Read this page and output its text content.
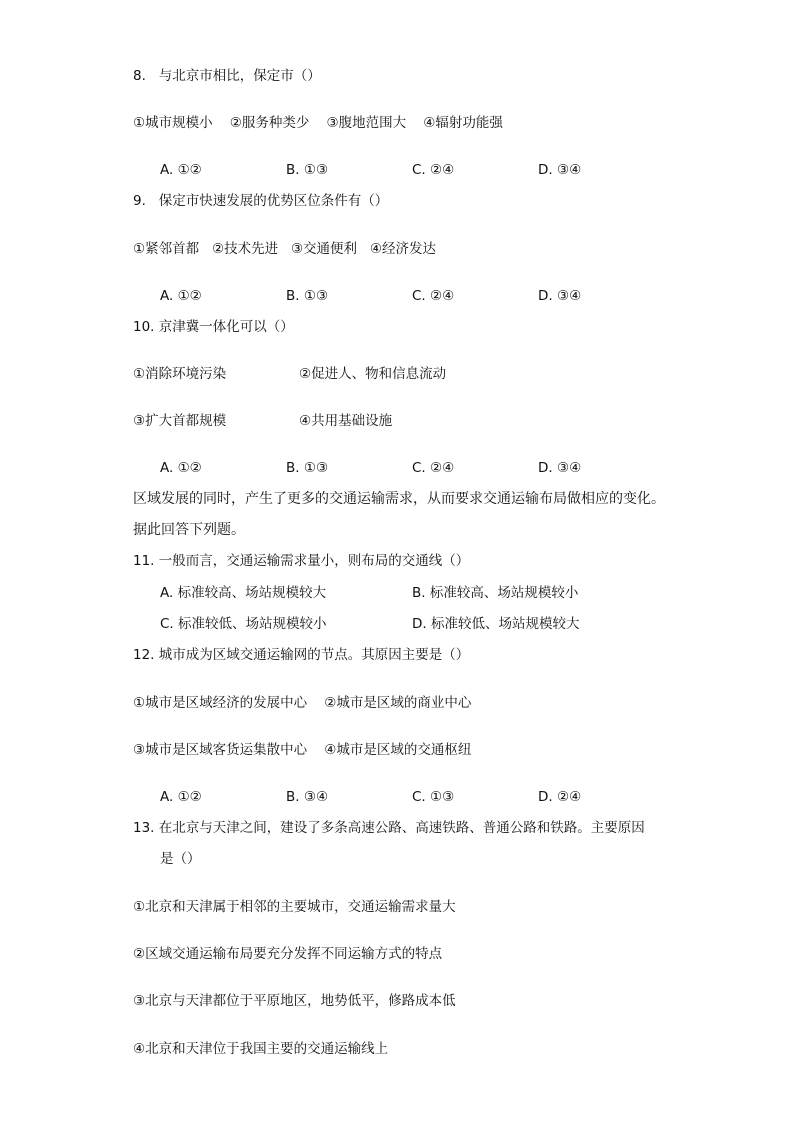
8.   与北京市相比，保定市（）
①城市规模小    ②服务种类少    ③腹地范围大    ④辐射功能强
A. ①②	B. ①③	C. ②④	D. ③④
9.   保定市快速发展的优势区位条件有（）
①紧邻首都   ②技术先进   ③交通便利   ④经济发达
A. ①②	B. ①③	C. ②④	D. ③④
10. 京津冀一体化可以（）
①消除环境污染	②促进人、物和信息流动
③扩大首都规模	④共用基础设施
A. ①②	B. ①③	C. ②④	D. ③④
区域发展的同时，产生了更多的交通运输需求，从而要求交通运输布局做相应的变化。
据此回答下列题。
11. 一般而言，交通运输需求量小，则布局的交通线（）
A. 标准较高、场站规模较大	B. 标准较高、场站规模较小
C. 标准较低、场站规模较小	D. 标准较低、场站规模较大
12. 城市成为区域交通运输网的节点。其原因主要是（）
①城市是区域经济的发展中心    ②城市是区域的商业中心
③城市是区域客货运集散中心    ④城市是区域的交通枢纽
A. ①②	B. ③④	C. ①③	D. ②④
13. 在北京与天津之间，建设了多条高速公路、高速铁路、普通公路和铁路。主要原因
是（）
①北京和天津属于相邻的主要城市，交通运输需求量大
②区域交通运输布局要充分发挥不同运输方式的特点
③北京与天津都位于平原地区，地势低平，修路成本低
④北京和天津位于我国主要的交通运输线上
